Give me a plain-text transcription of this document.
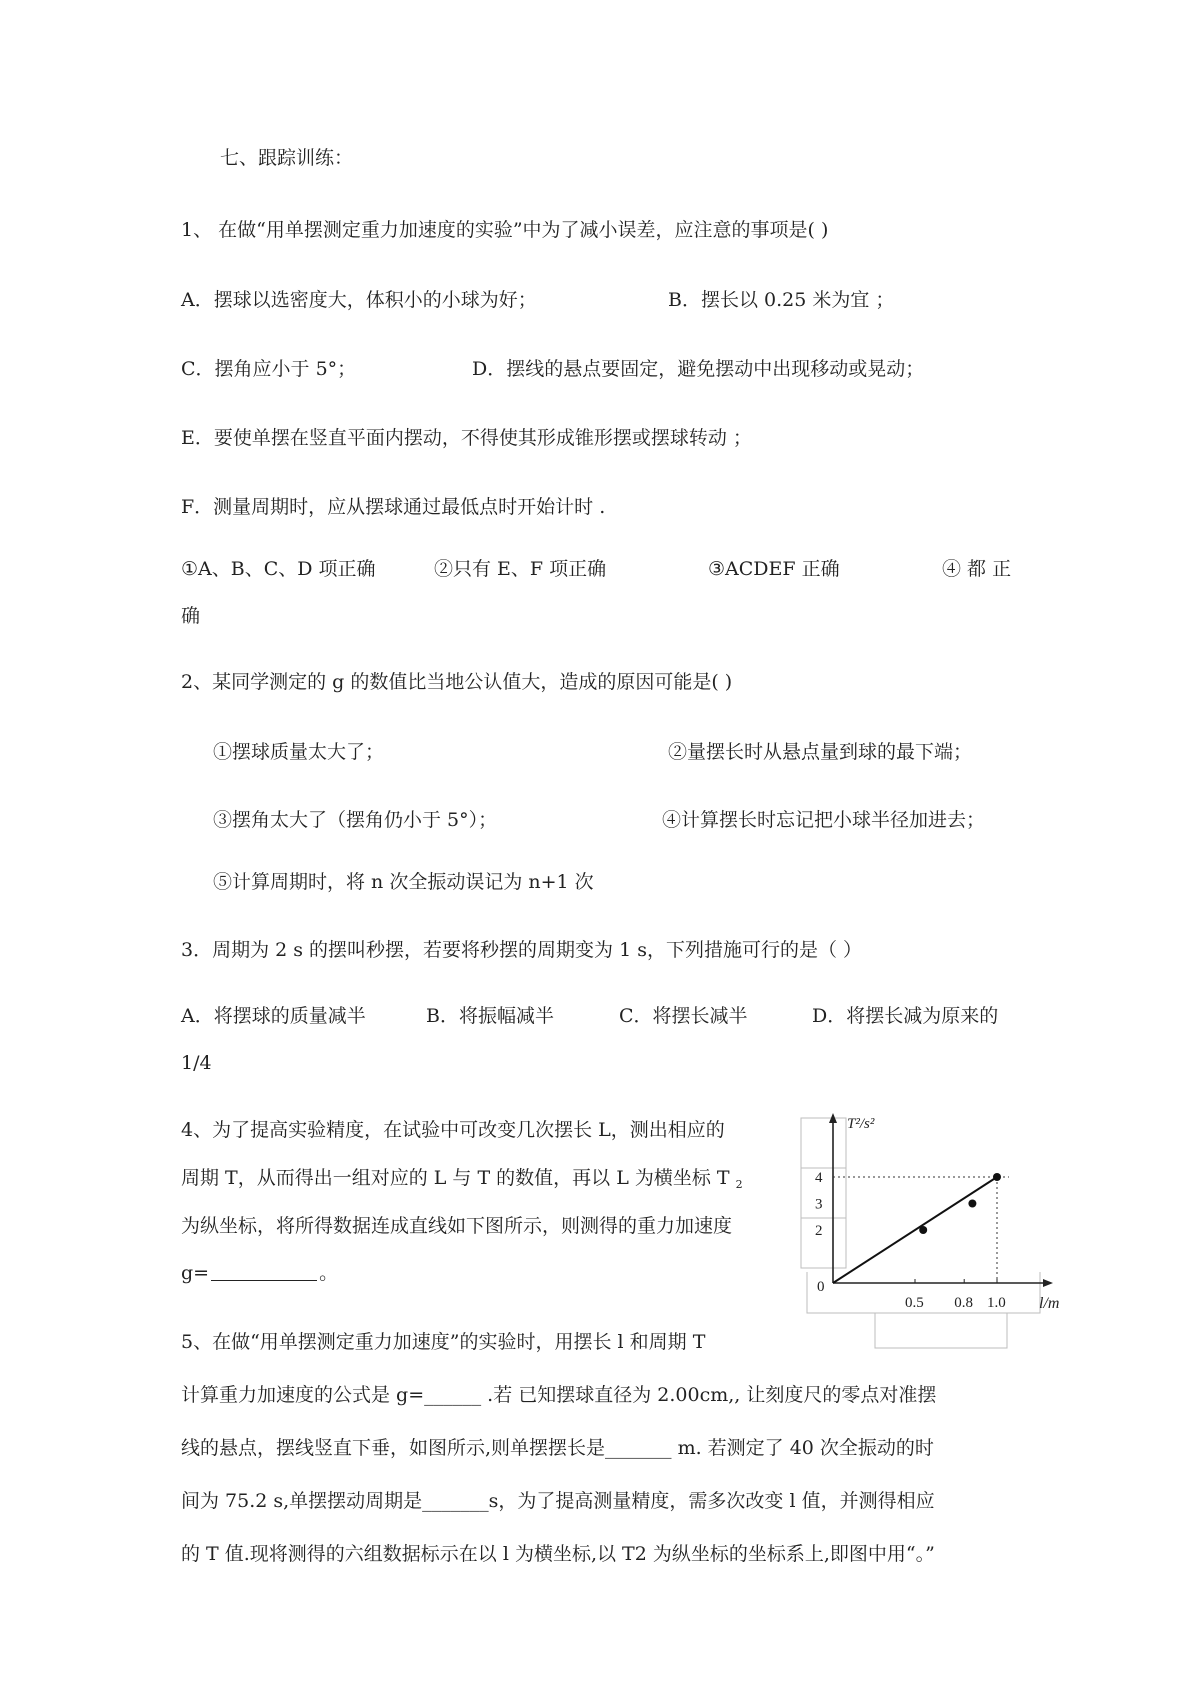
七、跟踪训练：
1、 在做“用单摆测定重力加速度的实验”中为了减小误差，应注意的事项是( )
A．摆球以选密度大，体积小的小球为好；	B．摆长以 0.25 米为宜 ；
C．摆角应小于 5°；	D．摆线的悬点要固定，避免摆动中出现移动或晃动；
E．要使单摆在竖直平面内摆动，不得使其形成锥形摆或摆球转动 ；
F．测量周期时，应从摆球通过最低点时开始计时 .
①A、B、C、D 项正确	②只有 E、F 项正确	③ACDEF 正确	④ 都 正
确
2、某同学测定的 g 的数值比当地公认值大，造成的原因可能是( )
①摆球质量太大了；	②量摆长时从悬点量到球的最下端；
③摆角太大了（摆角仍小于 5°）；	④计算摆长时忘记把小球半径加进去；
⑤计算周期时，将 n 次全振动误记为 n+1 次
3．周期为 2 s 的摆叫秒摆，若要将秒摆的周期变为 1 s，下列措施可行的是（ ）
A．将摆球的质量减半	B．将振幅减半	C．将摆长减半	D．将摆长减为原来的
1/4
4、为了提高实验精度，在试验中可改变几次摆长 L，测出相应的
周期 T，从而得出一组对应的 L 与 T 的数值，再以 L 为横坐标 T $_2$
为纵坐标，将所得数据连成直线如下图所示，则测得的重力加速度
g=	。
0.5 0.8 1.0
2
3
4
T²/s²
l/m
0
5、在做“用单摆测定重力加速度”的实验时，用摆长 l 和周期 T
计算重力加速度的公式是 g=______ .若 已知摆球直径为 2.00cm,, 让刻度尺的零点对准摆
线的悬点，摆线竖直下垂，如图所示,则单摆摆长是_______ m. 若测定了 40 次全振动的时
间为 75.2 s,单摆摆动周期是_______s，为了提高测量精度，需多次改变 l 值，并测得相应
的 T 值.现将测得的六组数据标示在以 l 为横坐标,以 T2 为纵坐标的坐标系上,即图中用“。”
